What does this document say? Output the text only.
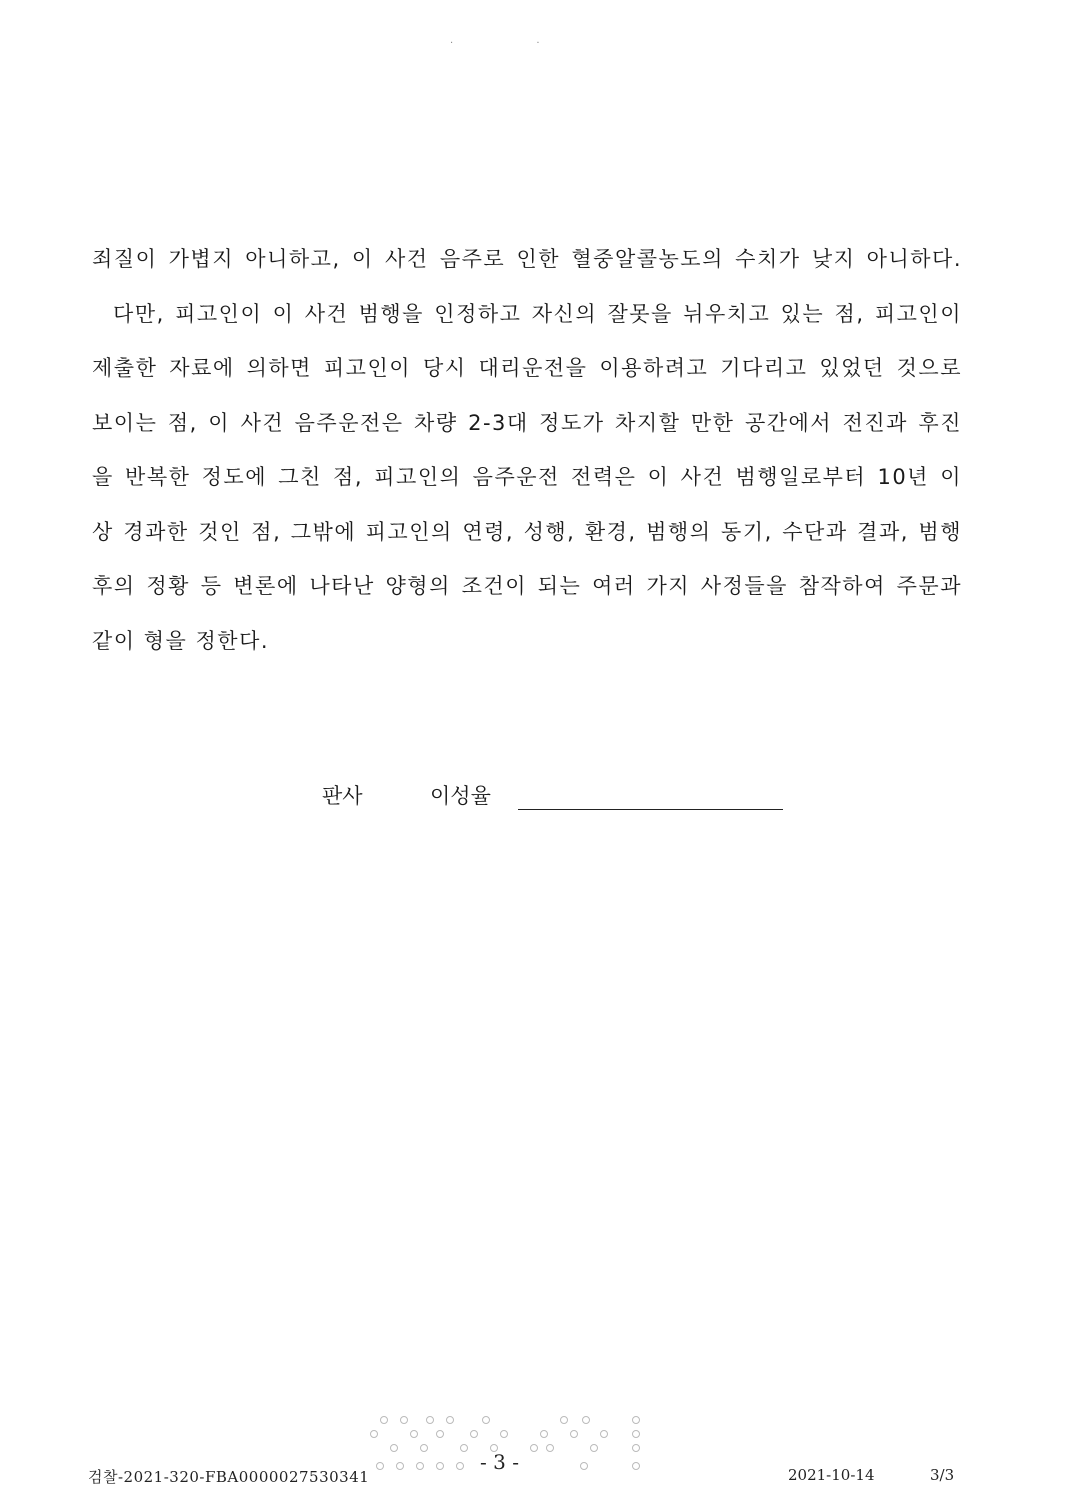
· ·
죄질이 가볍지 아니하고, 이 사건 음주로 인한 혈중알콜농도의 수치가 낮지 아니하다.
다만, 피고인이 이 사건 범행을 인정하고 자신의 잘못을 뉘우치고 있는 점, 피고인이
제출한 자료에 의하면 피고인이 당시 대리운전을 이용하려고 기다리고 있었던 것으로
보이는 점, 이 사건 음주운전은 차량 2-3대 정도가 차지할 만한 공간에서 전진과 후진
을 반복한 정도에 그친 점, 피고인의 음주운전 전력은 이 사건 범행일로부터 10년 이
상 경과한 것인 점, 그밖에 피고인의 연령, 성행, 환경, 범행의 동기, 수단과 결과, 범행
후의 정황 등 변론에 나타난 양형의 조건이 되는 여러 가지 사정들을 참작하여 주문과
같이 형을 정한다.
판사	이성율
- 3 -
검찰-2021-320-FBA0000027530341	2021-10-14	3/3
